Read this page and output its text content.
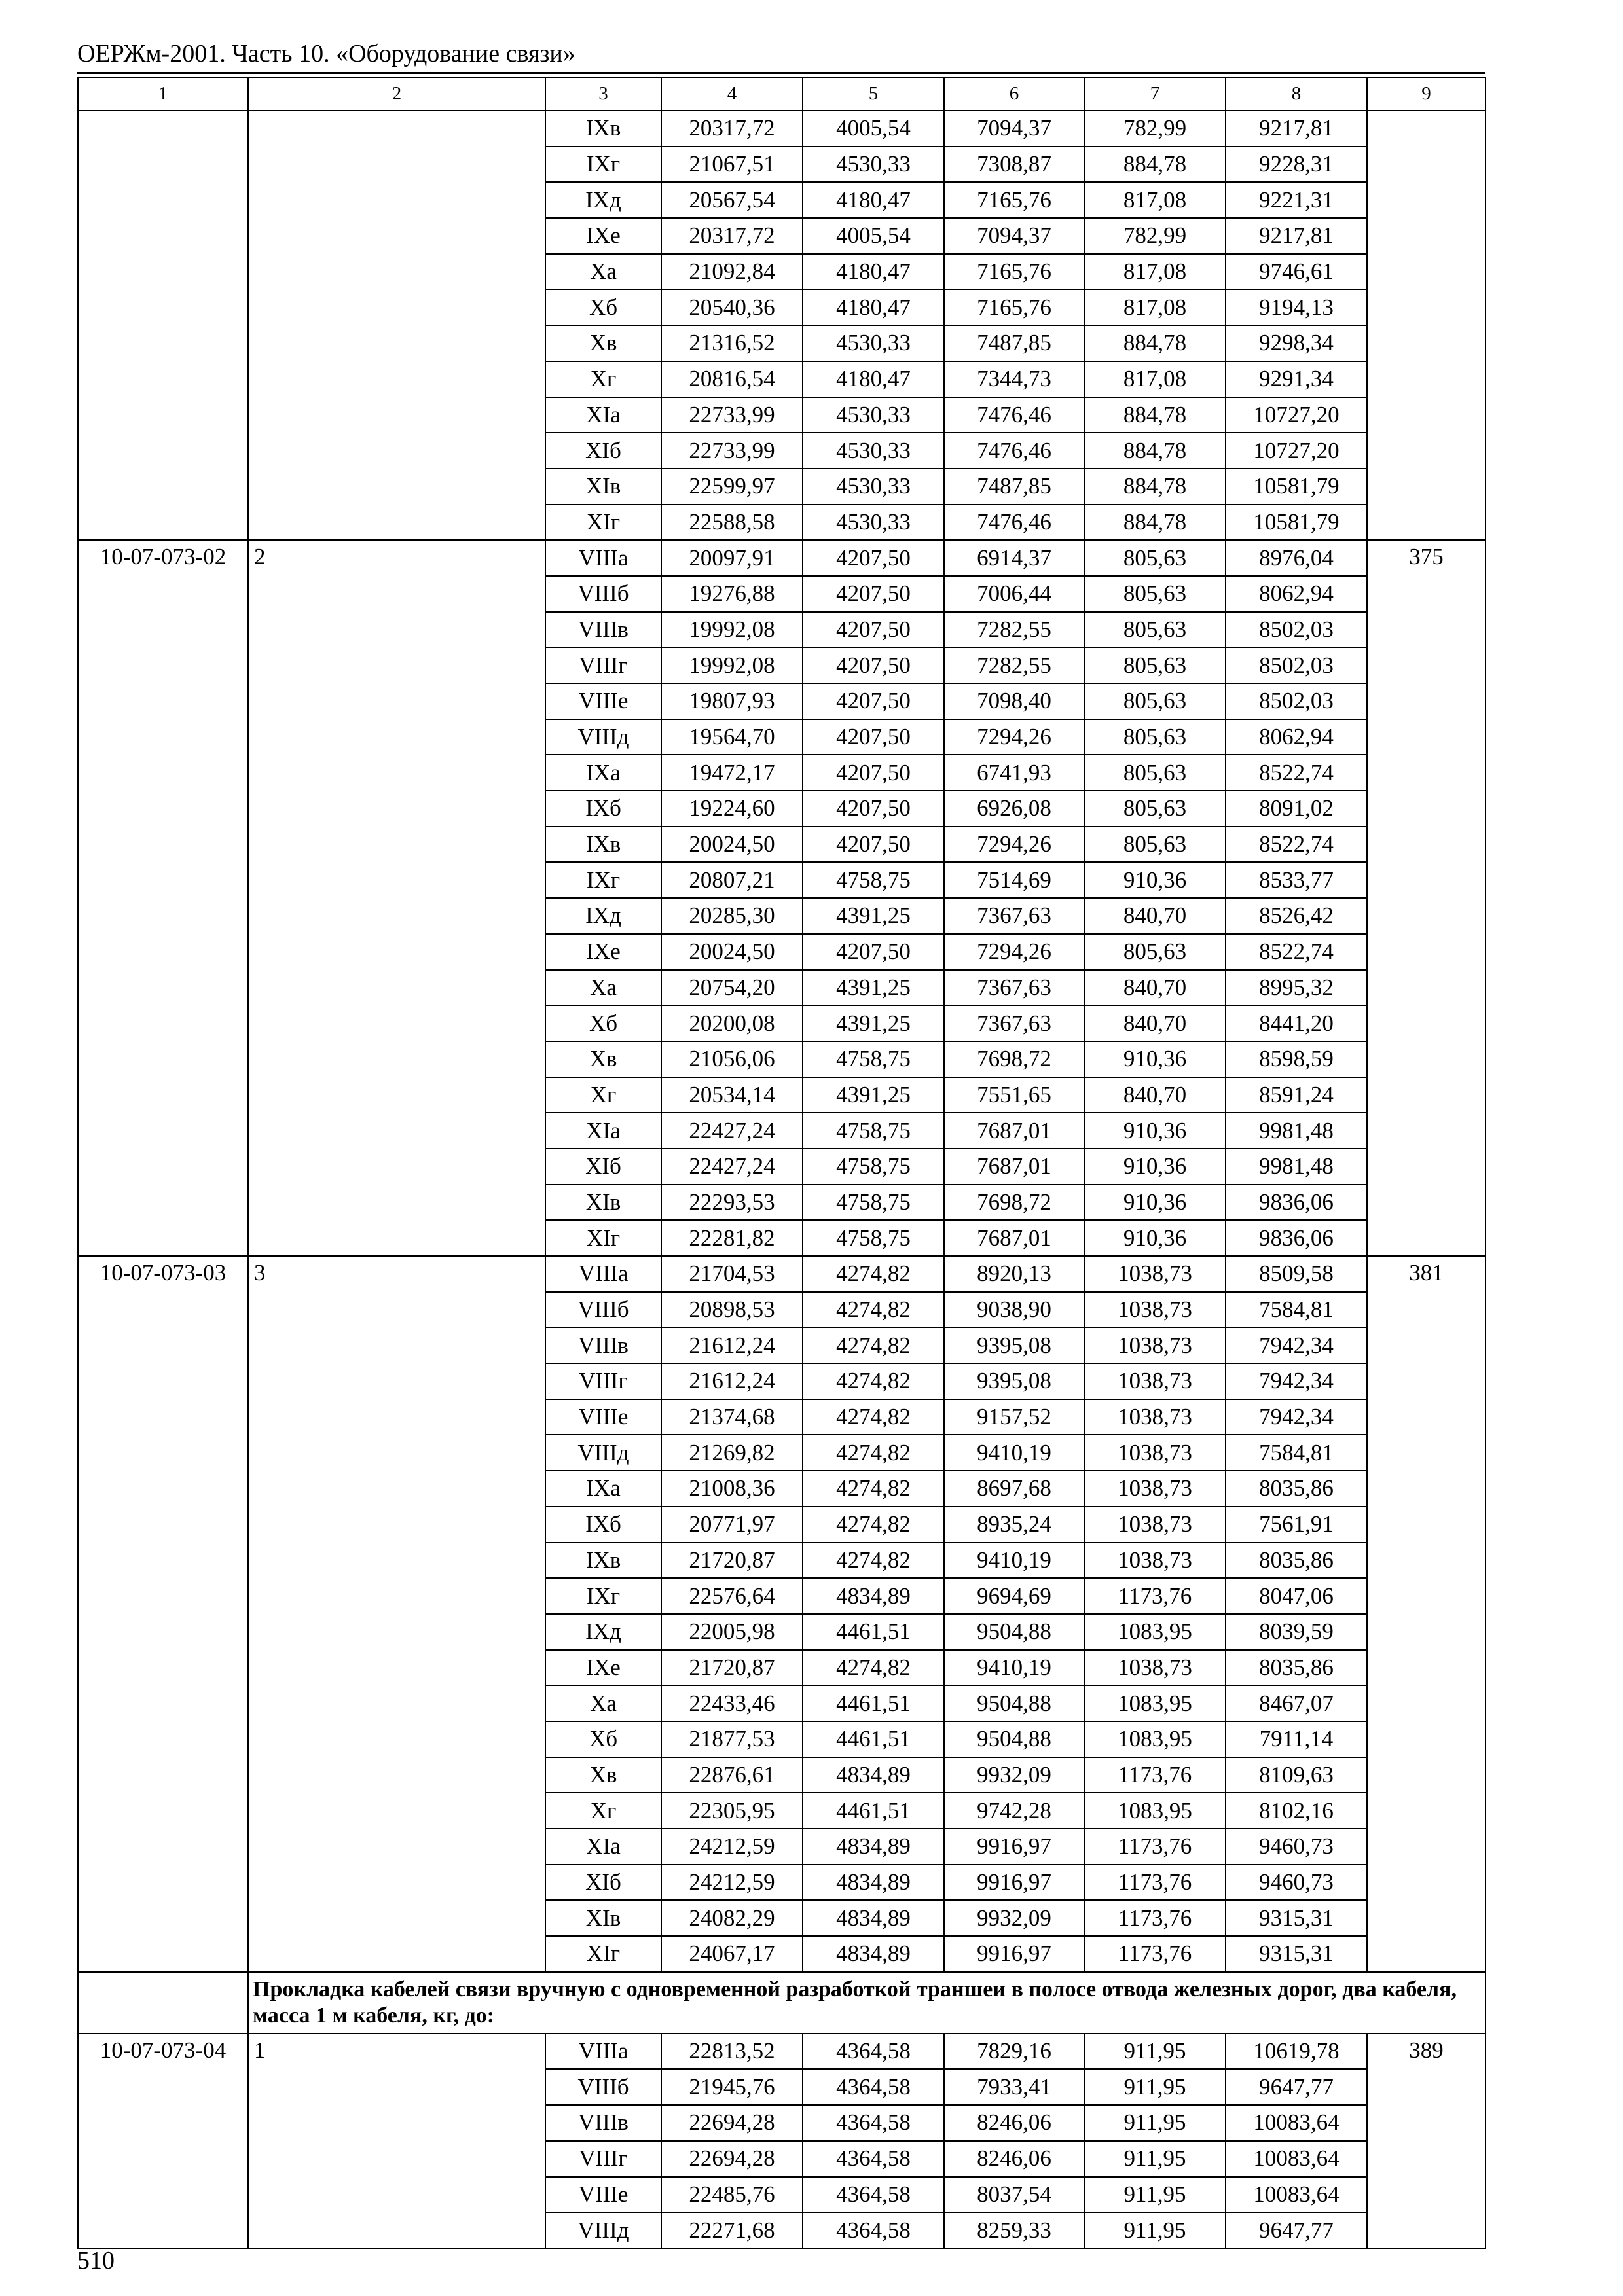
ОЕРЖм-2001. Часть 10. «Оборудование связи»
1	2	3	4	5	6	7	8	9
		IXв	20317,72	4005,54	7094,37	782,99	9217,81	
		IXг	21067,51	4530,33	7308,87	884,78	9228,31	
		IXд	20567,54	4180,47	7165,76	817,08	9221,31	
		IXе	20317,72	4005,54	7094,37	782,99	9217,81	
		Xa	21092,84	4180,47	7165,76	817,08	9746,61	
		Xб	20540,36	4180,47	7165,76	817,08	9194,13	
		Xв	21316,52	4530,33	7487,85	884,78	9298,34	
		Xг	20816,54	4180,47	7344,73	817,08	9291,34	
		XIa	22733,99	4530,33	7476,46	884,78	10727,20	
		XIб	22733,99	4530,33	7476,46	884,78	10727,20	
		XIв	22599,97	4530,33	7487,85	884,78	10581,79	
		XIг	22588,58	4530,33	7476,46	884,78	10581,79	
10-07-073-02	2	VIIIa	20097,91	4207,50	6914,37	805,63	8976,04	375
		VIIIб	19276,88	4207,50	7006,44	805,63	8062,94	
		VIIIв	19992,08	4207,50	7282,55	805,63	8502,03	
		VIIIг	19992,08	4207,50	7282,55	805,63	8502,03	
		VIIIе	19807,93	4207,50	7098,40	805,63	8502,03	
		VIIIд	19564,70	4207,50	7294,26	805,63	8062,94	
		IXa	19472,17	4207,50	6741,93	805,63	8522,74	
		IXб	19224,60	4207,50	6926,08	805,63	8091,02	
		IXв	20024,50	4207,50	7294,26	805,63	8522,74	
		IXг	20807,21	4758,75	7514,69	910,36	8533,77	
		IXд	20285,30	4391,25	7367,63	840,70	8526,42	
		IXе	20024,50	4207,50	7294,26	805,63	8522,74	
		Xa	20754,20	4391,25	7367,63	840,70	8995,32	
		Xб	20200,08	4391,25	7367,63	840,70	8441,20	
		Xв	21056,06	4758,75	7698,72	910,36	8598,59	
		Xг	20534,14	4391,25	7551,65	840,70	8591,24	
		XIa	22427,24	4758,75	7687,01	910,36	9981,48	
		XIб	22427,24	4758,75	7687,01	910,36	9981,48	
		XIв	22293,53	4758,75	7698,72	910,36	9836,06	
		XIг	22281,82	4758,75	7687,01	910,36	9836,06	
10-07-073-03	3	VIIIa	21704,53	4274,82	8920,13	1038,73	8509,58	381
		VIIIб	20898,53	4274,82	9038,90	1038,73	7584,81	
		VIIIв	21612,24	4274,82	9395,08	1038,73	7942,34	
		VIIIг	21612,24	4274,82	9395,08	1038,73	7942,34	
		VIIIе	21374,68	4274,82	9157,52	1038,73	7942,34	
		VIIIд	21269,82	4274,82	9410,19	1038,73	7584,81	
		IXa	21008,36	4274,82	8697,68	1038,73	8035,86	
		IXб	20771,97	4274,82	8935,24	1038,73	7561,91	
		IXв	21720,87	4274,82	9410,19	1038,73	8035,86	
		IXг	22576,64	4834,89	9694,69	1173,76	8047,06	
		IXд	22005,98	4461,51	9504,88	1083,95	8039,59	
		IXе	21720,87	4274,82	9410,19	1038,73	8035,86	
		Xa	22433,46	4461,51	9504,88	1083,95	8467,07	
		Xб	21877,53	4461,51	9504,88	1083,95	7911,14	
		Xв	22876,61	4834,89	9932,09	1173,76	8109,63	
		Xг	22305,95	4461,51	9742,28	1083,95	8102,16	
		XIa	24212,59	4834,89	9916,97	1173,76	9460,73	
		XIб	24212,59	4834,89	9916,97	1173,76	9460,73	
		XIв	24082,29	4834,89	9932,09	1173,76	9315,31	
		XIг	24067,17	4834,89	9916,97	1173,76	9315,31	
	Прокладка кабелей связи вручную с одновременной разработкой траншеи в полосе отвода железных дорог, два кабеля, масса 1 м кабеля, кг, до:							
10-07-073-04	1	VIIIa	22813,52	4364,58	7829,16	911,95	10619,78	389
		VIIIб	21945,76	4364,58	7933,41	911,95	9647,77	
		VIIIв	22694,28	4364,58	8246,06	911,95	10083,64	
		VIIIг	22694,28	4364,58	8246,06	911,95	10083,64	
		VIIIе	22485,76	4364,58	8037,54	911,95	10083,64	
		VIIIд	22271,68	4364,58	8259,33	911,95	9647,77	
510
